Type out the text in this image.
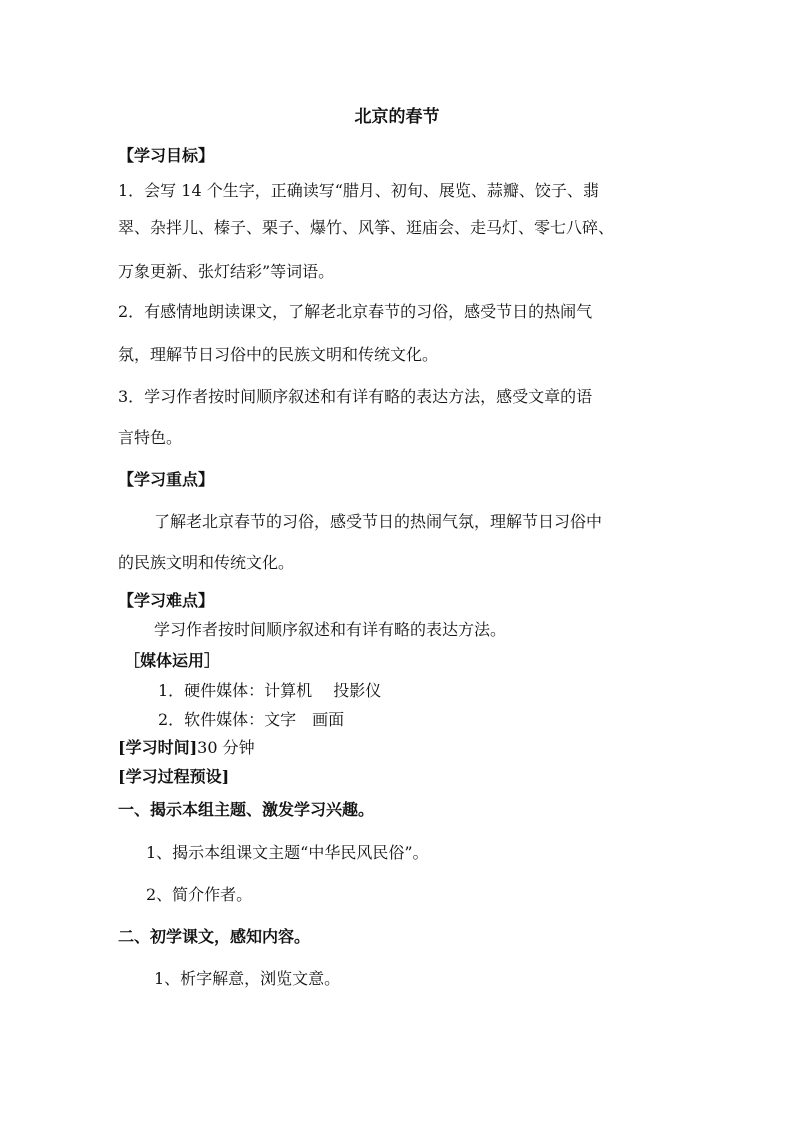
北京的春节

【学习目标】

1．会写 14 个生字，正确读写“腊月、初旬、展览、蒜瓣、饺子、翡

翠、杂拌儿、榛子、栗子、爆竹、风筝、逛庙会、走马灯、零七八碎、

万象更新、张灯结彩”等词语。

2．有感情地朗读课文，了解老北京春节的习俗，感受节日的热闹气

氛，理解节日习俗中的民族文明和传统文化。

3．学习作者按时间顺序叙述和有详有略的表达方法，感受文章的语

言特色。

【学习重点】

了解老北京春节的习俗，感受节日的热闹气氛，理解节日习俗中

的民族文明和传统文化。

【学习难点】

学习作者按时间顺序叙述和有详有略的表达方法。

［媒体运用］

1．硬件媒体：计算机　 投影仪

2．软件媒体：文字　画面

[学习时间]30 分钟

[学习过程预设]

一、揭示本组主题、激发学习兴趣。

1、揭示本组课文主题“中华民风民俗”。

2、简介作者。

二、初学课文，感知内容。

1、析字解意，浏览文意。
